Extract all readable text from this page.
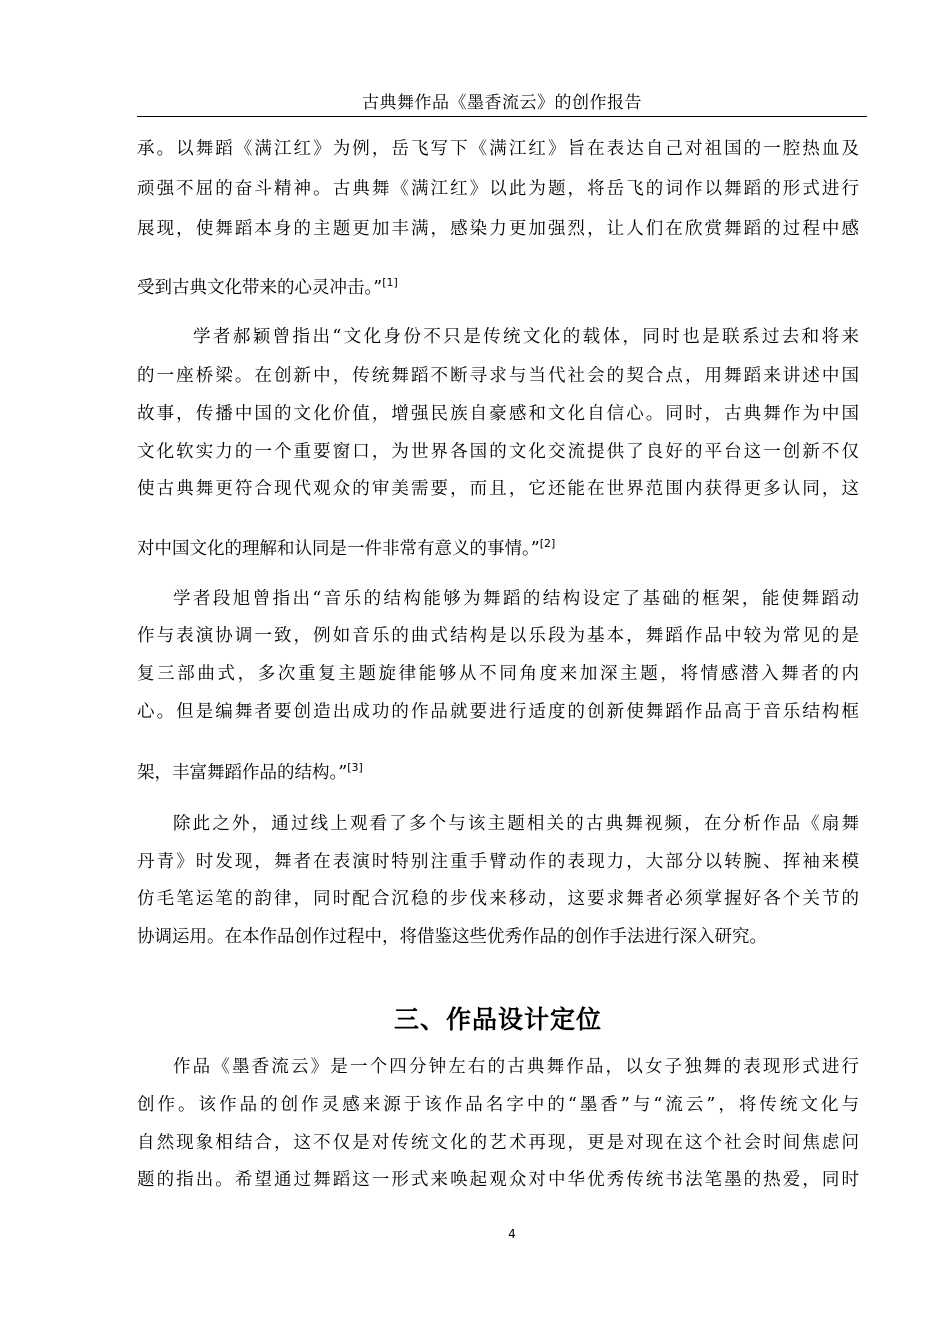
古典舞作品《墨香流云》的创作报告
承。以舞蹈《满江红》为例，岳飞写下《满江红》旨在表达自己对祖国的一腔热血及
顽强不屈的奋斗精神。古典舞《满江红》以此为题，将岳飞的词作以舞蹈的形式进行
展现，使舞蹈本身的主题更加丰满，感染力更加强烈，让人们在欣赏舞蹈的过程中感
受到古典文化带来的心灵冲击。”[1]
学者郝颖曾指出“文化身份不只是传统文化的载体，同时也是联系过去和将来
的一座桥梁。在创新中，传统舞蹈不断寻求与当代社会的契合点，用舞蹈来讲述中国
故事，传播中国的文化价值，增强民族自豪感和文化自信心。同时，古典舞作为中国
文化软实力的一个重要窗口，为世界各国的文化交流提供了良好的平台这一创新不仅
使古典舞更符合现代观众的审美需要，而且，它还能在世界范围内获得更多认同，这
对中国文化的理解和认同是一件非常有意义的事情。”[2]
学者段旭曾指出“音乐的结构能够为舞蹈的结构设定了基础的框架，能使舞蹈动
作与表演协调一致，例如音乐的曲式结构是以乐段为基本，舞蹈作品中较为常见的是
复三部曲式，多次重复主题旋律能够从不同角度来加深主题，将情感潜入舞者的内
心。但是编舞者要创造出成功的作品就要进行适度的创新使舞蹈作品高于音乐结构框
架，丰富舞蹈作品的结构。”[3]
除此之外，通过线上观看了多个与该主题相关的古典舞视频，在分析作品《扇舞
丹青》时发现，舞者在表演时特别注重手臂动作的表现力，大部分以转腕、挥袖来模
仿毛笔运笔的韵律，同时配合沉稳的步伐来移动，这要求舞者必须掌握好各个关节的
协调运用。在本作品创作过程中，将借鉴这些优秀作品的创作手法进行深入研究。
作品《墨香流云》是一个四分钟左右的古典舞作品，以女子独舞的表现形式进行
创作。该作品的创作灵感来源于该作品名字中的“墨香”与“流云”，将传统文化与
自然现象相结合，这不仅是对传统文化的艺术再现，更是对现在这个社会时间焦虑问
题的指出。希望通过舞蹈这一形式来唤起观众对中华优秀传统书法笔墨的热爱，同时
三、作品设计定位
4
